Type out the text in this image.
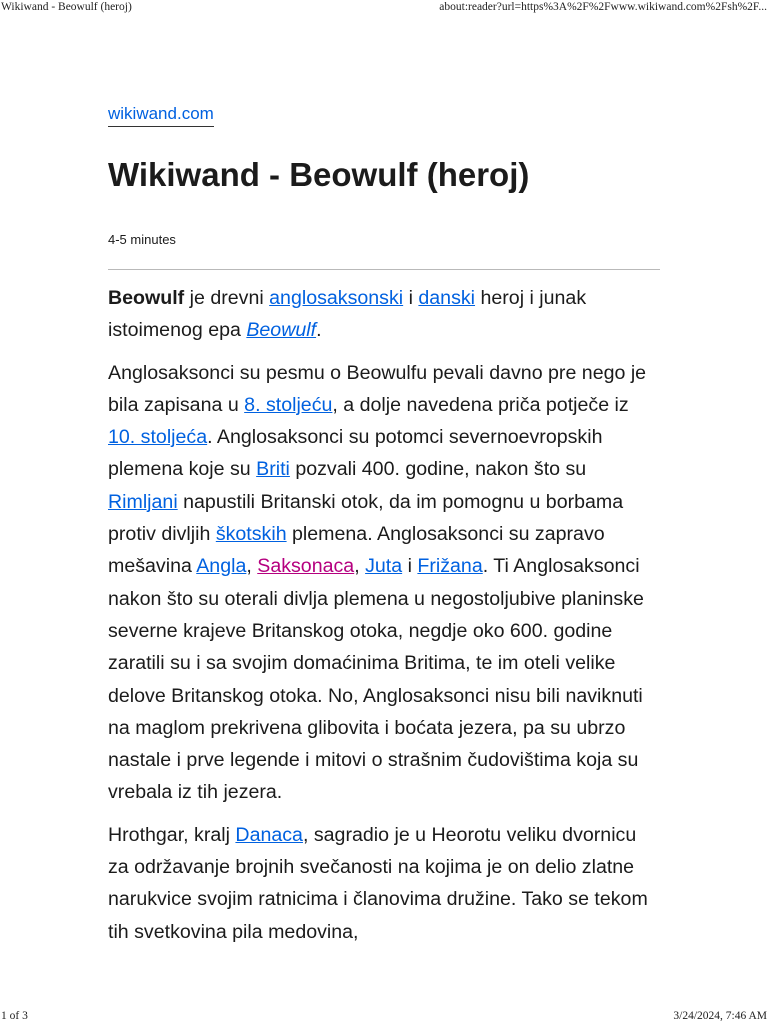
Wikiwand - Beowulf (heroj)	about:reader?url=https%3A%2F%2Fwww.wikiwand.com%2Fsh%2F...
wikiwand.com
Wikiwand - Beowulf (heroj)
4-5 minutes

Beowulf je drevni anglosaksonski i danski heroj i junak istoimenog epa Beowulf.

Anglosaksonci su pesmu o Beowulfu pevali davno pre nego je bila zapisana u 8. stoljeću, a dolje navedena priča potječe iz 10. stoljeća. Anglosaksonci su potomci severnoevropskih plemena koje su Briti pozvali 400. godine, nakon što su Rimljani napustili Britanski otok, da im pomognu u borbama protiv divljih škotskih plemena. Anglosaksonci su zapravo mešavina Angla, Saksonaca, Juta i Frižana. Ti Anglosaksonci nakon što su oterali divlja plemena u negostoljubive planinske severne krajeve Britanskog otoka, negdje oko 600. godine zaratili su i sa svojim domaćinima Britima, te im oteli velike delove Britanskog otoka. No, Anglosaksonci nisu bili naviknuti na maglom prekrivena glibovita i boćata jezera, pa su ubrzo nastale i prve legende i mitovi o strašnim čudovištima koja su vrebala iz tih jezera.

Hrothgar, kralj Danaca, sagradio je u Heorotu veliku dvornicu za održavanje brojnih svečanosti na kojima je on delio zlatne narukvice svojim ratnicima i članovima družine. Tako se tekom tih svetkovina pila medovina,

1 of 3	3/24/2024, 7:46 AM
